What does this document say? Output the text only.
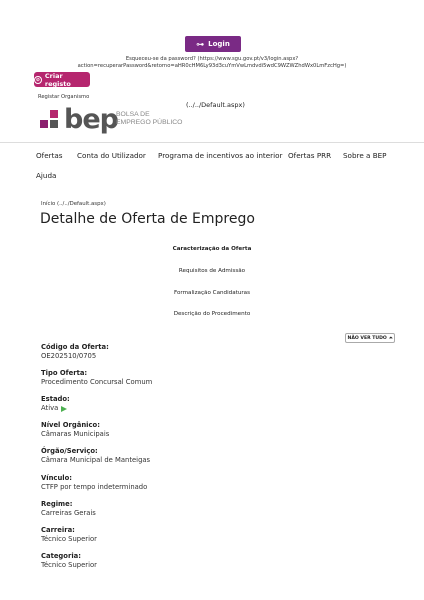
⊶ Login
Esqueceu-se da password? (https://www.sgu.gov.pt/v3/login.aspx?
action=recuperarPassword&retorno=aHR0cHM6Ly93d3cuYmVwLmdvdi5wdC9WZWZhdWx0LmFzcHg=)
⊘ Criar registo
Registar Organismo
(../../Default.aspx)
bep
BOLSA DE
EMPREGO PÚBLICO
Ofertas Conta do Utilizador Programa de incentivos ao interior Ofertas PRR Sobre a BEP
Ajuda
Início (../../Default.aspx)
Detalhe de Oferta de Emprego
Caracterização da Oferta
Requisitos de Admissão
Formalização Candidaturas
Descrição do Procedimento
NÃO VER TUDO ⏶
Código da Oferta:
OE202510/0705
Tipo Oferta:
Procedimento Concursal Comum
Estado:
Ativa
Nível Orgânico:
Câmaras Municipais
Órgão/Serviço:
Câmara Municipal de Manteigas
Vínculo:
CTFP por tempo indeterminado
Regime:
Carreiras Gerais
Carreira:
Técnico Superior
Categoria:
Técnico Superior
